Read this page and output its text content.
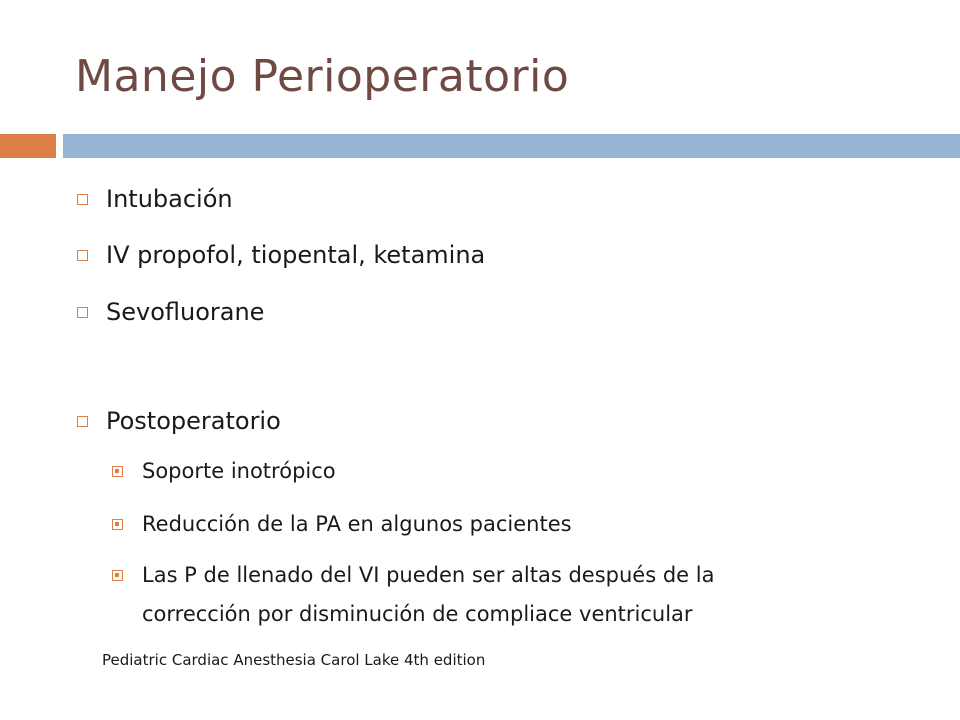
Manejo Perioperatorio
Intubación
IV propofol, tiopental, ketamina
Sevofluorane
Postoperatorio
Soporte inotrópico
Reducción de la PA en algunos pacientes
Las P de llenado del VI pueden ser altas después de la
corrección por disminución de compliace ventricular
Pediatric Cardiac Anesthesia Carol Lake 4th edition
